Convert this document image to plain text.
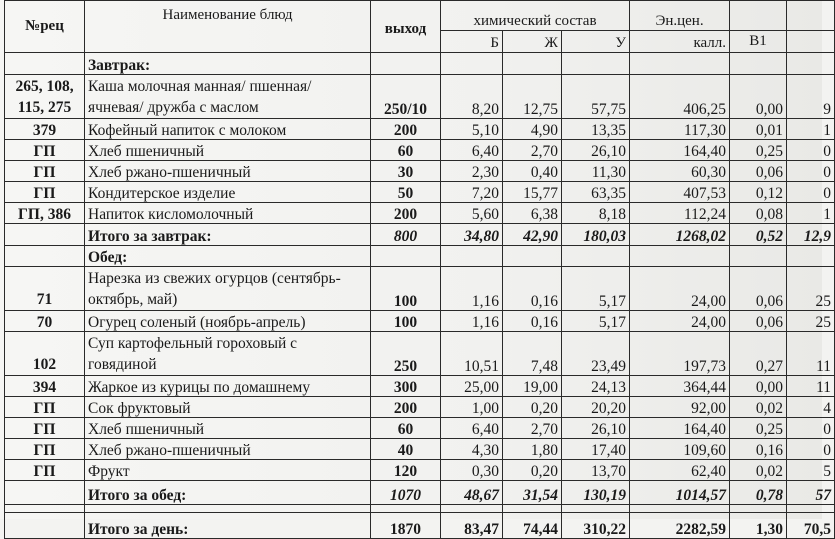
№рец	Наименование блюд	выход	химический состав			Эн.цен.		
			Б	Ж	У	калл.	В1	
	Завтрак:							
265, 108, 115, 275	Каша молочная манная/ пшенная/ ячневая/ дружба с маслом	250/10	8,20	12,75	57,75	406,25	0,00	9
379	Кофейный напиток с молоком	200	5,10	4,90	13,35	117,30	0,01	1
ГП	Хлеб пшеничный	60	6,40	2,70	26,10	164,40	0,25	0
ГП	Хлеб ржано-пшеничный	30	2,30	0,40	11,30	60,30	0,06	0
ГП	Кондитерское изделие	50	7,20	15,77	63,35	407,53	0,12	0
ГП, 386	Напиток кисломолочный	200	5,60	6,38	8,18	112,24	0,08	1
	Итого за завтрак:	800	34,80	42,90	180,03	1268,02	0,52	12,9
	Обед:							
71	Нарезка из свежих огурцов (сентябрь-октябрь, май)	100	1,16	0,16	5,17	24,00	0,06	25
70	Огурец соленый (ноябрь-апрель)	100	1,16	0,16	5,17	24,00	0,06	25
102	Суп картофельный гороховый с говядиной	250	10,51	7,48	23,49	197,73	0,27	11
394	Жаркое из курицы по домашнему	300	25,00	19,00	24,13	364,44	0,00	11
ГП	Сок фруктовый	200	1,00	0,20	20,20	92,00	0,02	4
ГП	Хлеб пшеничный	60	6,40	2,70	26,10	164,40	0,25	0
ГП	Хлеб ржано-пшеничный	40	4,30	1,80	17,40	109,60	0,16	0
ГП	Фрукт	120	0,30	0,20	13,70	62,40	0,02	5
	Итого за обед:	1070	48,67	31,54	130,19	1014,57	0,78	57

	Итого за день:	1870	83,47	74,44	310,22	2282,59	1,30	70,5
